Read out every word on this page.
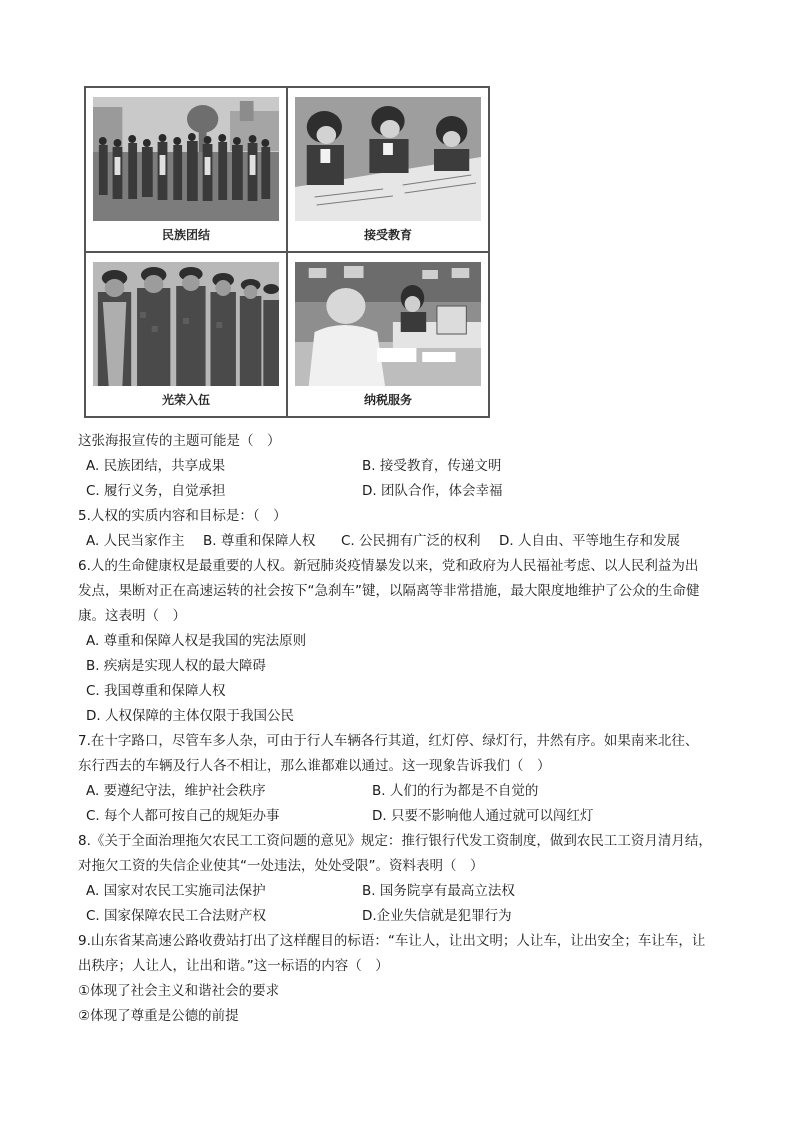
民族团结	接受教育
光荣入伍	纳税服务
这张海报宣传的主题可能是（　）
A. 民族团结，共享成果	B. 接受教育，传递文明
C. 履行义务，自觉承担	D. 团队合作，体会幸福
5.人权的实质内容和目标是：（　）
A. 人民当家作主 B. 尊重和保障人权 C. 公民拥有广泛的权利 D. 人自由、平等地生存和发展
6.人的生命健康权是最重要的人权。新冠肺炎疫情暴发以来，党和政府为人民福祉考虑、以人民利益为出
发点，果断对正在高速运转的社会按下“急刹车”键，以隔离等非常措施，最大限度地维护了公众的生命健
康。这表明（　）
A. 尊重和保障人权是我国的宪法原则
B. 疾病是实现人权的最大障碍
C. 我国尊重和保障人权
D. 人权保障的主体仅限于我国公民
7.在十字路口，尽管车多人杂，可由于行人车辆各行其道，红灯停、绿灯行，井然有序。如果南来北往、
东行西去的车辆及行人各不相让，那么谁都难以通过。这一现象告诉我们（　）
A. 要遵纪守法，维护社会秩序	B. 人们的行为都是不自觉的
C. 每个人都可按自己的规矩办事	D. 只要不影响他人通过就可以闯红灯
8.《关于全面治理拖欠农民工工资问题的意见》规定：推行银行代发工资制度，做到农民工工资月清月结，
对拖欠工资的失信企业使其“一处违法，处处受限”。资料表明（　）
A. 国家对农民工实施司法保护	B. 国务院享有最高立法权
C. 国家保障农民工合法财产权	D.企业失信就是犯罪行为
9.山东省某高速公路收费站打出了这样醒目的标语：“车让人，让出文明；人让车，让出安全；车让车，让
出秩序；人让人，让出和谐。”这一标语的内容（　）
①体现了社会主义和谐社会的要求
②体现了尊重是公德的前提
